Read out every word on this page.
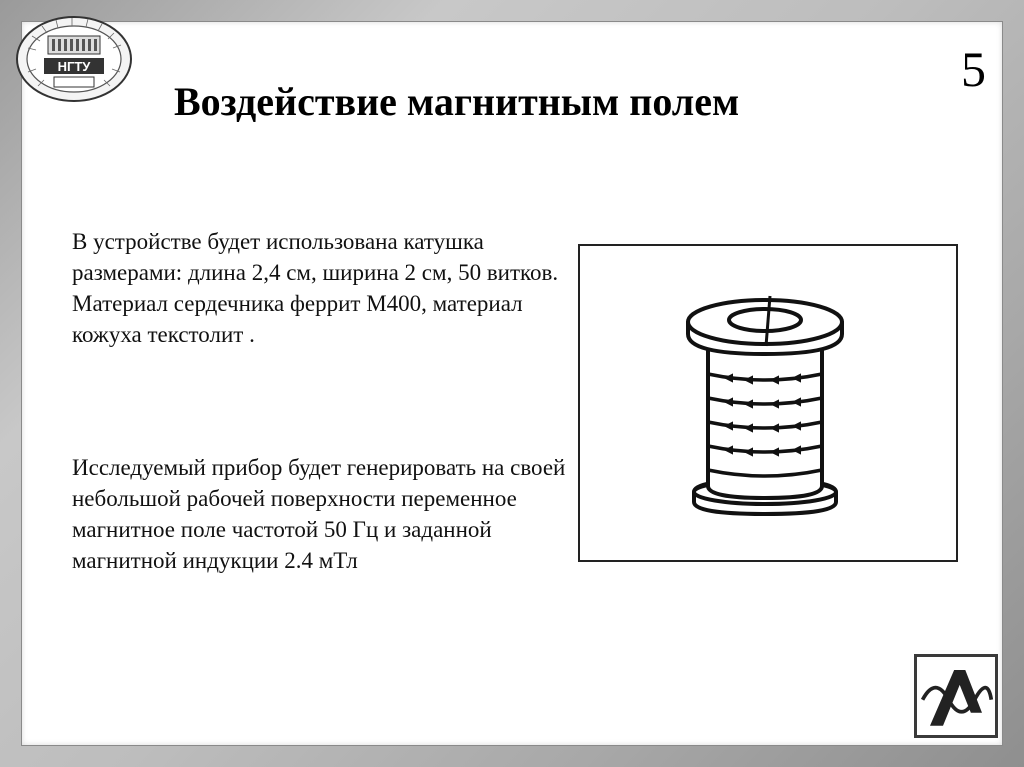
НГТУ	5
Воздействие магнитным полем

В устройстве будет использована катушка размерами: длина 2,4 см, ширина 2 см, 50 витков. Материал сердечника феррит М400, материал кожуха текстолит .

Исследуемый прибор будет генерировать на своей небольшой рабочей поверхности переменное магнитное поле частотой 50 Гц и заданной магнитной индукции 2.4 мТл
